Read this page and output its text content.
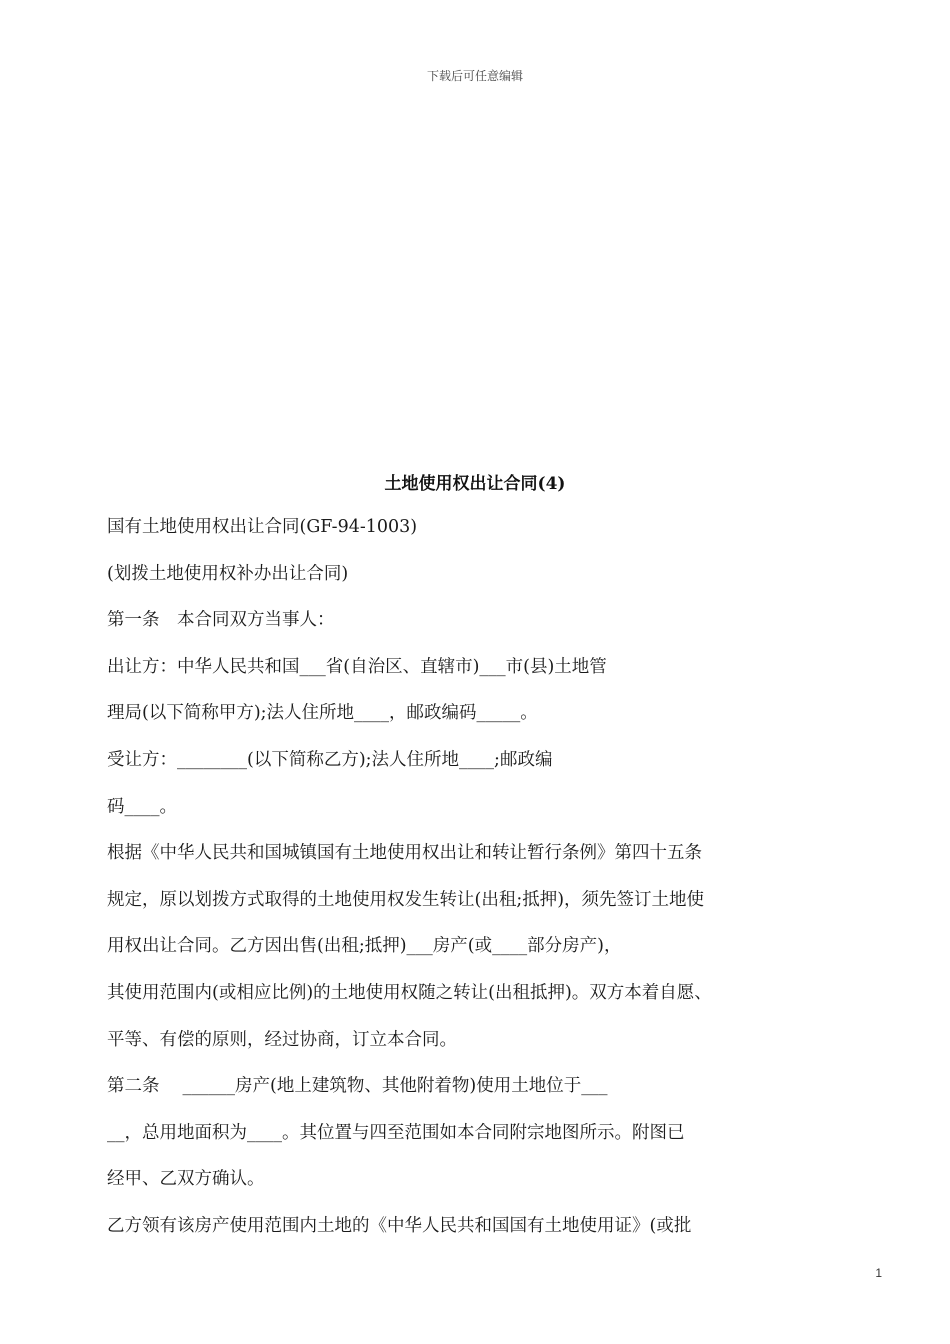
下载后可任意编辑
土地使用权出让合同(4)
国有土地使用权出让合同(GF-94-1003)
(划拨土地使用权补办出让合同)
第一条　本合同双方当事人：
出让方：中华人民共和国___省(自治区、直辖市)___市(县)土地管
理局(以下简称甲方);法人住所地____，邮政编码_____。
受让方：________(以下简称乙方);法人住所地____;邮政编
码____。
根据《中华人民共和国城镇国有土地使用权出让和转让暂行条例》第四十五条
规定，原以划拨方式取得的土地使用权发生转让(出租;抵押)，须先签订土地使
用权出让合同。乙方因出售(出租;抵押)___房产(或____部分房产)，
其使用范围内(或相应比例)的土地使用权随之转让(出租抵押)。双方本着自愿、
平等、有偿的原则，经过协商，订立本合同。
第二条　 ______房产(地上建筑物、其他附着物)使用土地位于___
__，总用地面积为____。其位置与四至范围如本合同附宗地图所示。附图已
经甲、乙双方确认。
乙方领有该房产使用范围内土地的《中华人民共和国国有土地使用证》(或批
1
